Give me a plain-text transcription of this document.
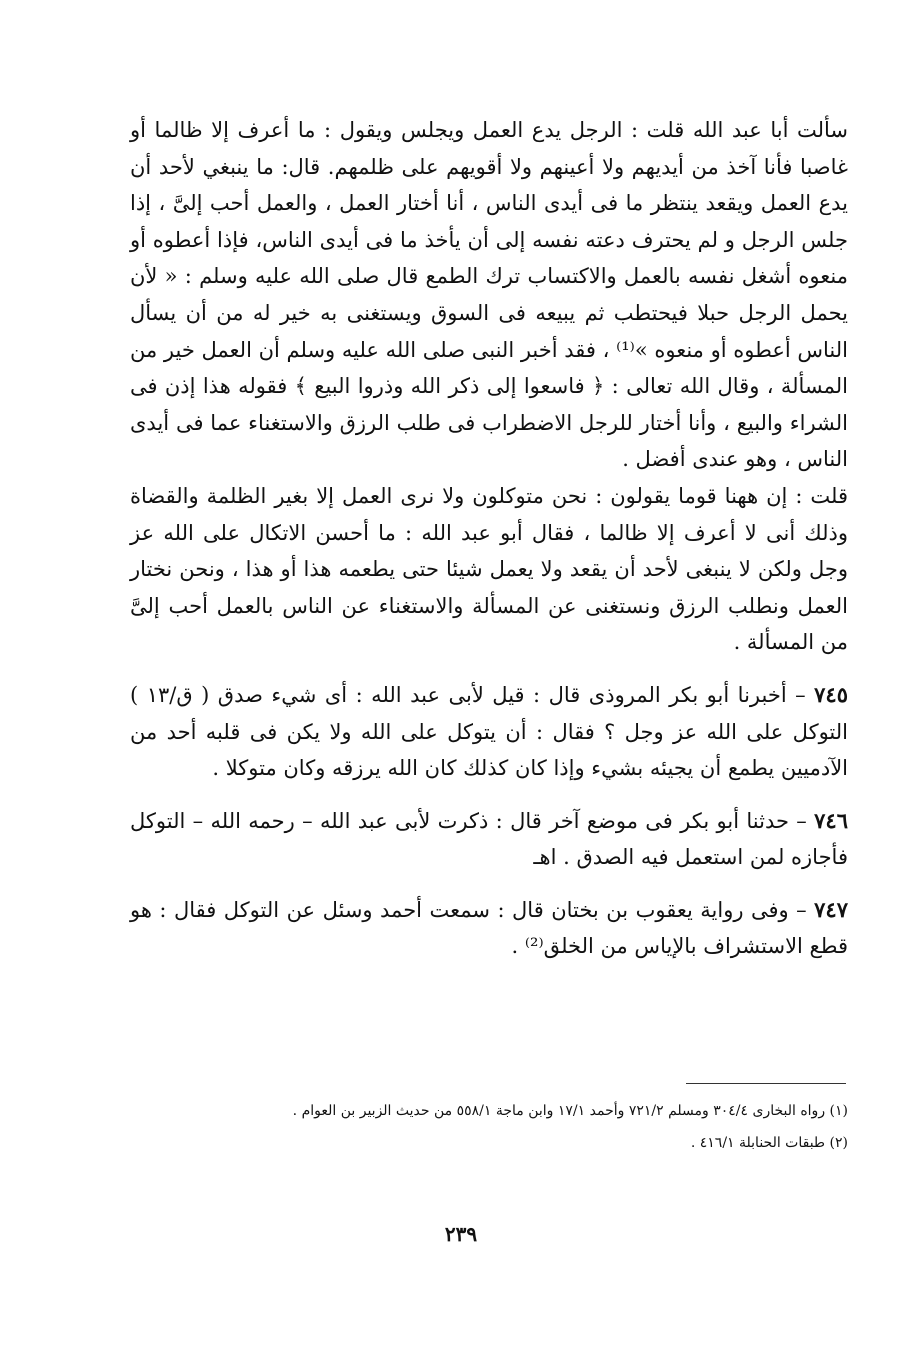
سألت أبا عبد الله قلت : الرجل يدع العمل ويجلس ويقول : ما أعرف إلا ظالما أو غاصبا فأنا آخذ من أيديهم ولا أعينهم ولا أقويهم على ظلمهم. قال: ما ينبغي لأحد أن يدع العمل ويقعد ينتظر ما فى أيدى الناس ، أنا أختار العمل ، والعمل أحب إلىَّ ، إذا جلس الرجل و لم يحترف دعته نفسه إلى أن يأخذ ما فى أيدى الناس، فإذا أعطوه أو منعوه أشغل نفسه بالعمل والاكتساب ترك الطمع قال صلى الله عليه وسلم : « لأن يحمل الرجل حبلا فيحتطب ثم يبيعه فى السوق ويستغنى به خير له من أن يسأل الناس أعطوه أو منعوه »⁽¹⁾ ، فقد أخبر النبى صلى الله عليه وسلم أن العمل خير من المسألة ، وقال الله تعالى : ﴿ فاسعوا إلى ذكر الله وذروا البيع ﴾ فقوله هذا إذن فى الشراء والبيع ، وأنا أختار للرجل الاضطراب فى طلب الرزق والاستغناء عما فى أيدى الناس ، وهو عندى أفضل .

قلت : إن ههنا قوما يقولون : نحن متوكلون ولا نرى العمل إلا بغير الظلمة والقضاة وذلك أنى لا أعرف إلا ظالما ، فقال أبو عبد الله : ما أحسن الاتكال على الله عز وجل ولكن لا ينبغى لأحد أن يقعد ولا يعمل شيئا حتى يطعمه هذا أو هذا ، ونحن نختار العمل ونطلب الرزق ونستغنى عن المسألة والاستغناء عن الناس بالعمل أحب إلىَّ من المسألة .

٧٤٥ – أخبرنا أبو بكر المروذى قال : قيل لأبى عبد الله : أى شيء صدق ( ق/١٣ ) التوكل على الله عز وجل ؟ فقال : أن يتوكل على الله ولا يكن فى قلبه أحد من الآدميين يطمع أن يجيئه بشيء وإذا كان كذلك كان الله يرزقه وكان متوكلا .

٧٤٦ – حدثنا أبو بكر فى موضع آخر قال : ذكرت لأبى عبد الله – رحمه الله – التوكل فأجازه لمن استعمل فيه الصدق . اهـ

٧٤٧ – وفى رواية يعقوب بن بختان قال : سمعت أحمد وسئل عن التوكل فقال : هو قطع الاستشراف بالإياس من الخلق⁽²⁾ .

(١) رواه البخارى ٣٠٤/٤ ومسلم ٧٢١/٢ وأحمد ١٧/١ وابن ماجة ٥٥٨/١ من حديث الزبير بن العوام .

(٢) طبقات الحنابلة ٤١٦/١ .

٢٣٩
